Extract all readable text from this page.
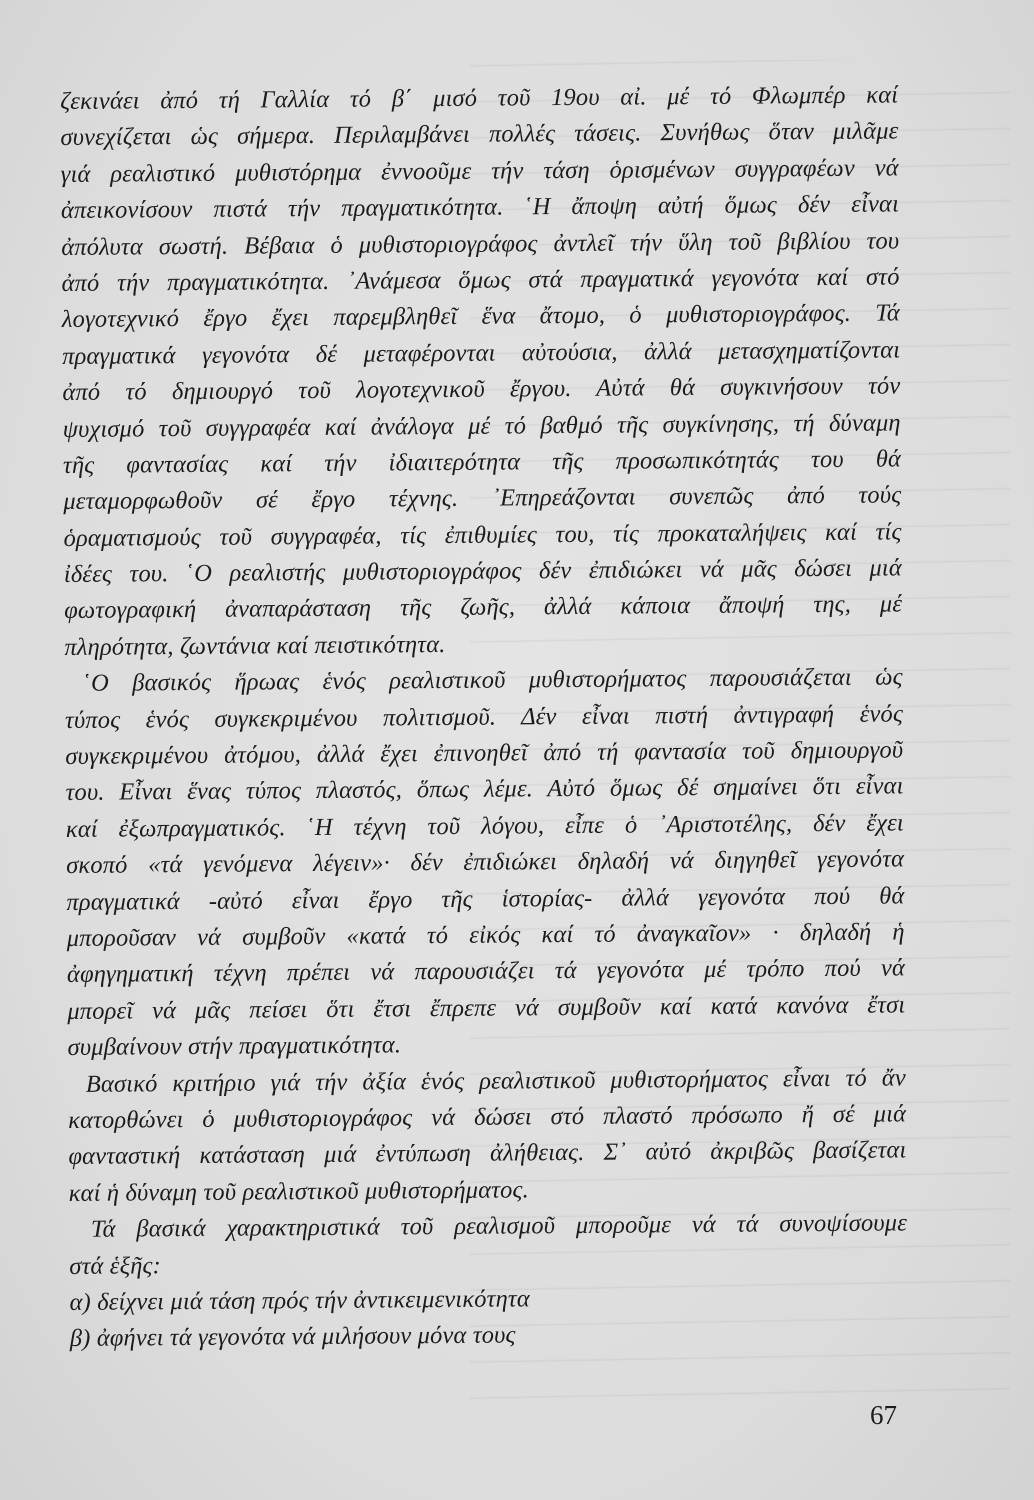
ζεκινάει ἀπό τή Γαλλία τό β΄ μισό τοῦ 19ου αἰ. μέ τό Φλωμπέρ καί
συνεχίζεται ὡς σήμερα. Περιλαμβάνει πολλές τάσεις. Συνήθως ὅταν μιλᾶμε
γιά ρεαλιστικό μυθιστόρημα ἐννοοῦμε τήν τάση ὁρισμένων συγγραφέων νά
ἀπεικονίσουν πιστά τήν πραγματικότητα. ῾Η ἄποψη αὐτή ὅμως δέν εἶναι
ἀπόλυτα σωστή. Βέβαια ὁ μυθιστοριογράφος ἀντλεῖ τήν ὕλη τοῦ βιβλίου του
ἀπό τήν πραγματικότητα. ᾿Ανάμεσα ὅμως στά πραγματικά γεγονότα καί στό
λογοτεχνικό ἔργο ἔχει παρεμβληθεῖ ἕνα ἄτομο, ὁ μυθιστοριογράφος. Τά
πραγματικά γεγονότα δέ μεταφέρονται αὐτούσια, ἀλλά μετασχηματίζονται
ἀπό τό δημιουργό τοῦ λογοτεχνικοῦ ἔργου. Αὐτά θά συγκινήσουν τόν
ψυχισμό τοῦ συγγραφέα καί ἀνάλογα μέ τό βαθμό τῆς συγκίνησης, τή δύναμη
τῆς φαντασίας καί τήν ἰδιαιτερότητα τῆς προσωπικότητάς του θά
μεταμορφωθοῦν σέ ἔργο τέχνης. ᾿Επηρεάζονται συνεπῶς ἀπό τούς
ὁραματισμούς τοῦ συγγραφέα, τίς ἐπιθυμίες του, τίς προκαταλήψεις καί τίς
ἰδέες του. ῾Ο ρεαλιστής μυθιστοριογράφος δέν ἐπιδιώκει νά μᾶς δώσει μιά
φωτογραφική ἀναπαράσταση τῆς ζωῆς, ἀλλά κάποια ἄποψή της, μέ
πληρότητα, ζωντάνια καί πειστικότητα.
῾Ο βασικός ἥρωας ἑνός ρεαλιστικοῦ μυθιστορήματος παρουσιάζεται ὡς
τύπος ἑνός συγκεκριμένου πολιτισμοῦ. Δέν εἶναι πιστή ἀντιγραφή ἑνός
συγκεκριμένου ἀτόμου, ἀλλά ἔχει ἐπινοηθεῖ ἀπό τή φαντασία τοῦ δημιουργοῦ
του. Εἶναι ἕνας τύπος πλαστός, ὅπως λέμε. Αὐτό ὅμως δέ σημαίνει ὅτι εἶναι
καί ἐξωπραγματικός. ῾Η τέχνη τοῦ λόγου, εἶπε ὁ ᾿Αριστοτέλης, δέν ἔχει
σκοπό «τά γενόμενα λέγειν»· δέν ἐπιδιώκει δηλαδή νά διηγηθεῖ γεγονότα
πραγματικά -αὐτό εἶναι ἔργο τῆς ἱστορίας- ἀλλά γεγονότα πού θά
μποροῦσαν νά συμβοῦν «κατά τό εἰκός καί τό ἀναγκαῖον» · δηλαδή ἡ
ἀφηγηματική τέχνη πρέπει νά παρουσιάζει τά γεγονότα μέ τρόπο πού νά
μπορεῖ νά μᾶς πείσει ὅτι ἔτσι ἔπρεπε νά συμβοῦν καί κατά κανόνα ἔτσι
συμβαίνουν στήν πραγματικότητα.
Βασικό κριτήριο γιά τήν ἀξία ἑνός ρεαλιστικοῦ μυθιστορήματος εἶναι τό ἄν
κατορθώνει ὁ μυθιστοριογράφος νά δώσει στό πλαστό πρόσωπο ἤ σέ μιά
φανταστική κατάσταση μιά ἐντύπωση ἀλήθειας. Σ᾿ αὐτό ἀκριβῶς βασίζεται
καί ἡ δύναμη τοῦ ρεαλιστικοῦ μυθιστορήματος.
Τά βασικά χαρακτηριστικά τοῦ ρεαλισμοῦ μποροῦμε νά τά συνοψίσουμε
στά ἑξῆς:
α) δείχνει μιά τάση πρός τήν ἀντικειμενικότητα
β) ἀφήνει τά γεγονότα νά μιλήσουν μόνα τους
67
